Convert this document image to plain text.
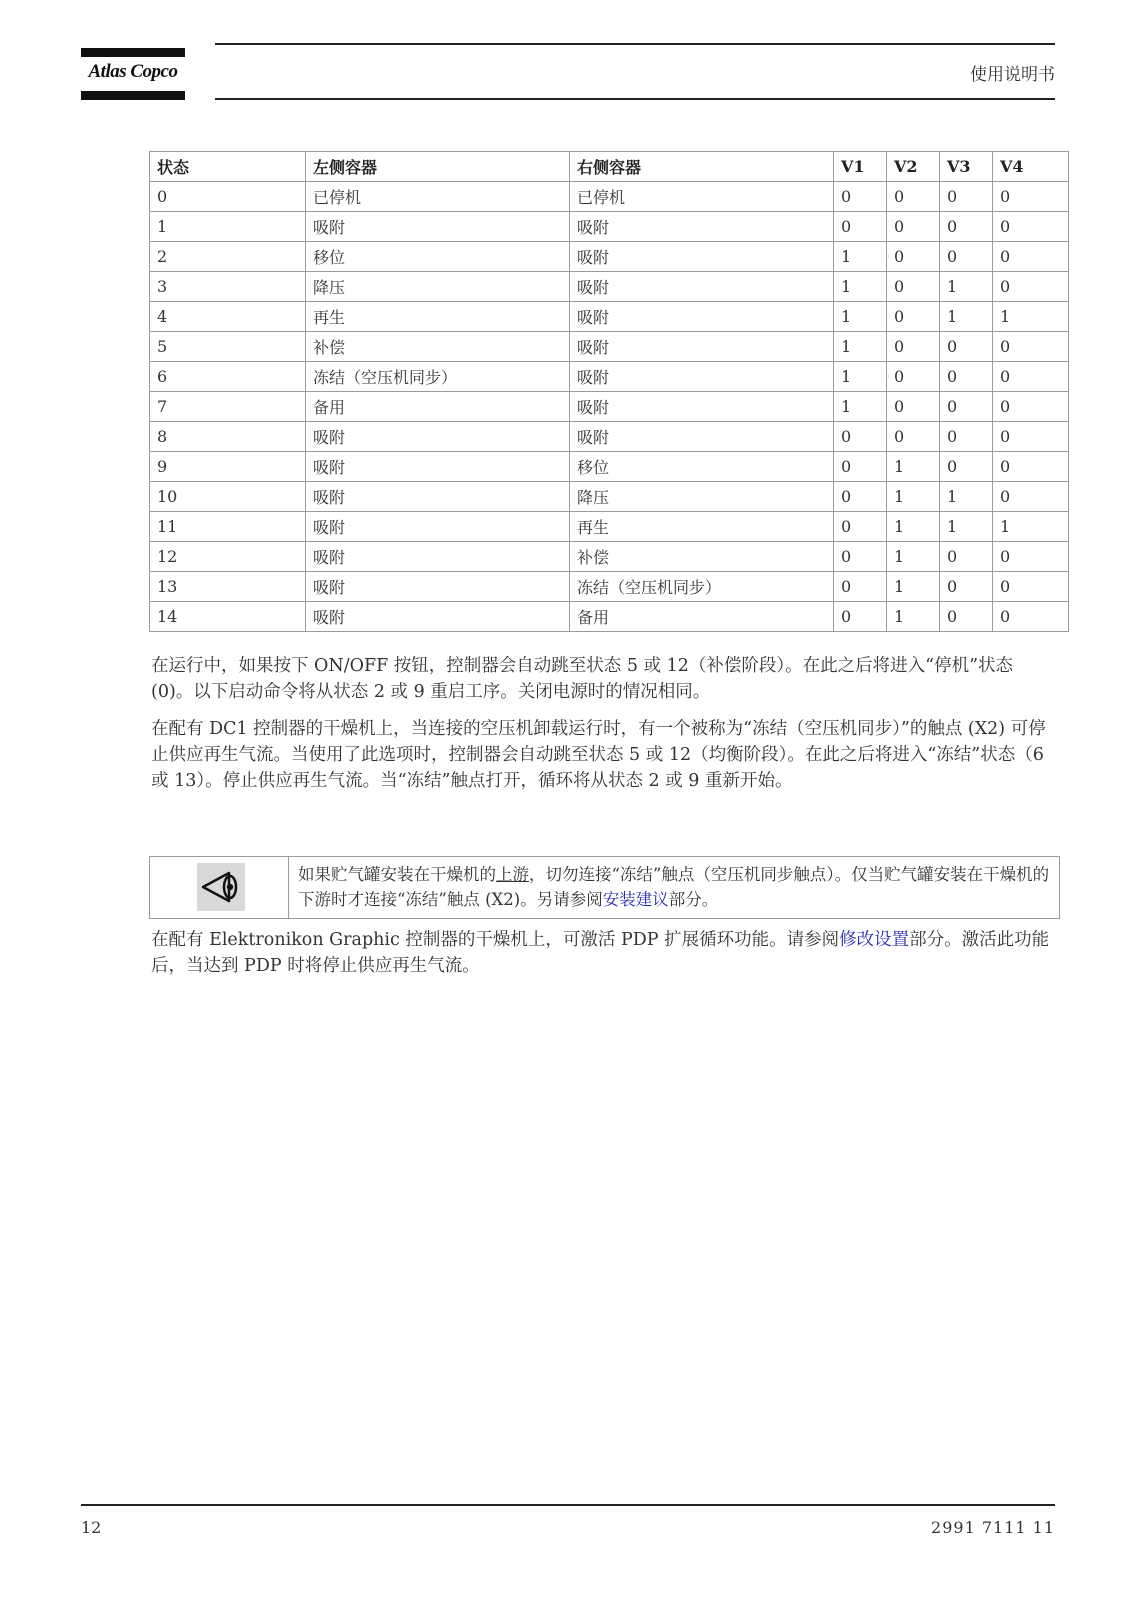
Atlas Copco	使用说明书
状态	左侧容器	右侧容器	V1	V2	V3	V4
0	已停机	已停机	0	0	0	0
1	吸附	吸附	0	0	0	0
2	移位	吸附	1	0	0	0
3	降压	吸附	1	0	1	0
4	再生	吸附	1	0	1	1
5	补偿	吸附	1	0	0	0
6	冻结（空压机同步）	吸附	1	0	0	0
7	备用	吸附	1	0	0	0
8	吸附	吸附	0	0	0	0
9	吸附	移位	0	1	0	0
10	吸附	降压	0	1	1	0
11	吸附	再生	0	1	1	1
12	吸附	补偿	0	1	0	0
13	吸附	冻结（空压机同步）	0	1	0	0
14	吸附	备用	0	1	0	0

在运行中，如果按下 ON/OFF 按钮，控制器会自动跳至状态 5 或 12（补偿阶段）。在此之后将进入“停机”状态 (0)。以下启动命令将从状态 2 或 9 重启工序。关闭电源时的情况相同。

在配有 DC1 控制器的干燥机上，当连接的空压机卸载运行时，有一个被称为“冻结（空压机同步）”的触点 (X2) 可停止供应再生气流。当使用了此选项时，控制器会自动跳至状态 5 或 12（均衡阶段）。在此之后将进入“冻结”状态（6 或 13）。停止供应再生气流。当“冻结”触点打开，循环将从状态 2 或 9 重新开始。

如果贮气罐安装在干燥机的上游，切勿连接“冻结”触点（空压机同步触点）。仅当贮气罐安装在干燥机的下游时才连接“冻结”触点 (X2)。另请参阅安装建议部分。

在配有 Elektronikon Graphic 控制器的干燥机上，可激活 PDP 扩展循环功能。请参阅修改设置部分。激活此功能后，当达到 PDP 时将停止供应再生气流。

12	2991 7111 11
